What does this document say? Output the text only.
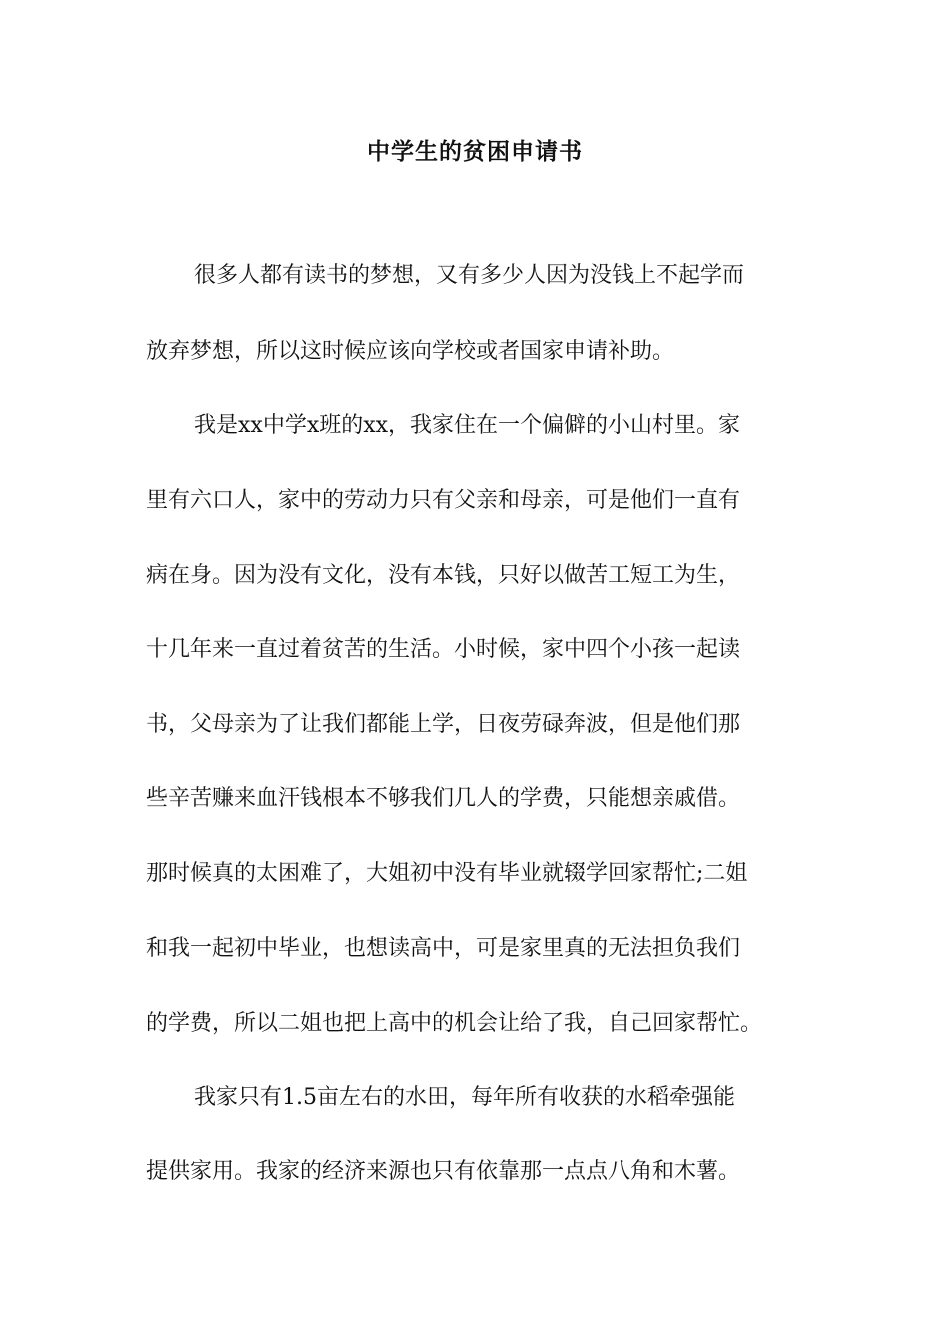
中学生的贫困申请书
很多人都有读书的梦想，又有多少人因为没钱上不起学而
放弃梦想，所以这时候应该向学校或者国家申请补助。
我是xx中学x班的xx，我家住在一个偏僻的小山村里。家
里有六口人，家中的劳动力只有父亲和母亲，可是他们一直有
病在身。因为没有文化，没有本钱，只好以做苦工短工为生，
十几年来一直过着贫苦的生活。小时候，家中四个小孩一起读
书，父母亲为了让我们都能上学，日夜劳碌奔波，但是他们那
些辛苦赚来血汗钱根本不够我们几人的学费，只能想亲戚借。
那时候真的太困难了，大姐初中没有毕业就辍学回家帮忙;二姐
和我一起初中毕业，也想读高中，可是家里真的无法担负我们
的学费，所以二姐也把上高中的机会让给了我，自己回家帮忙。
我家只有1.5亩左右的水田，每年所有收获的水稻牵强能
提供家用。我家的经济来源也只有依靠那一点点八角和木薯。
